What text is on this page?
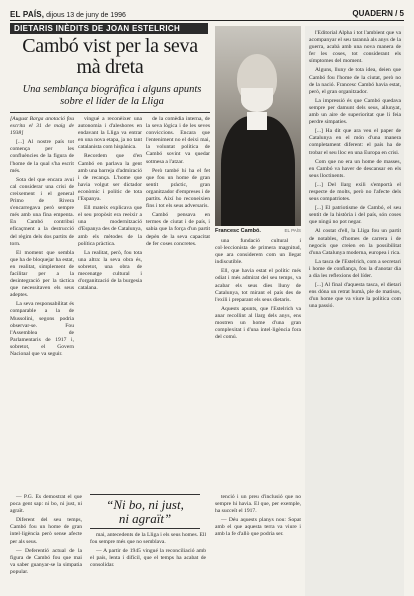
EL PAÍS, dijous 13 de juny de 1996	QUADERN / 5
DIETARIS INÈDITS DE JOAN ESTELRICH
Cambó vist per la seva mà dreta
Una semblança biogràfica i alguns apunts sobre el líder de la Lliga
Francesc Cambó.	EL PAÍS

[August Barga anotació fou escrita el 31 de maig de 1938]

[...] Al nostre país tot comença per les confluències de la figura de l'home de la qual s'ha escrit més.

Sota del que encara avui cal considerar una crisi de creixement i el general Primo de Rivera s'encarregava però sempre més amb una fina empenta. En Cambó contribuí eficaçment a la destrucció del règim dels dos partits de torn.

El moment que sembla que ha de bloquejar ha estat, en realitat, simplement de facilitar per a la desintegració per la tàctica que necessitaven els seus adeptes.

La seva responsabilitat és comparable a la de Mussolini, segons podria observar-se. Fou l'Assemblea de Parlamentaris de 1917 i, sobretot, el Govern Nacional que va seguir.

vingué a reconèixer una autonomia i d'aleshores en endavant la Lliga va entrar en una nova etapa, ja no tant catalanista com hispànica.

Recordem que d'en Cambó en parlava la gent amb una barreja d'admiració i de recança. L'home que havia volgut ser dictador econòmic i polític de tota l'Espanya.

Ell mateix explicava que el seu propòsit era reeixir a una modernització d'Espanya des de Catalunya, amb els mètodes de la política pràctica.

La realitat, però, fou tota una altra: la seva obra és, sobretot, una obra de mecenatge cultural i d'organització de la burgesia catalana.

de la comèdia interna, de la seva lògica i de les seves conviccions. Encara que l'enteniment no el deixi mai, la voluntat política de Cambó sovint va quedar sotmesa a l'atzar.

Però també hi ha el fet que fou un home de gran sentit pràctic, gran organitzador d'empreses i de partits. Així ho reconeixien fins i tot els seus adversaris.

Cambó pensava en termes de ciutat i de país, i sabia que la força d'un partit depèn de la seva capacitat de fer coses concretes.	una fundació cultural i col·leccionista de primera magnitud, que ara considerem com un llegat indiscutible.

Ell, que havia estat el polític més odiat i més admirat del seu temps, va acabar els seus dies lluny de Catalunya, tot mirant el país des de l'exili i preparant els seus dietaris.

Aquests apunts, que l'Estelrich va anar recollint al llarg dels anys, ens mostren un home d'una gran complexitat i d'una intel·ligència fora del comú.

l'Editorial Alpha i tot l'ambient que va acompanyar el seu tarannà als anys de la guerra, acabà amb una nova manera de fer les coses, tot considerant els símptomes del moment.

Alguns, lluny de tota idea, deien que Cambó fou l'home de la ciutat, però no de la nació. Francesc Cambó havia estat, però, el gran organitzador.

La impressió és que Cambó quedava sempre per damunt dels seus, allunyat, amb un aire de superioritat que li feia perdre simpaties.

[...] Ha dit que ara veu el paper de Catalunya en el món d'una manera completament diferent: el país ha de trobar el seu lloc en una Europa en crisi.

Com que no era un home de masses, en Cambó va haver de descansar en els seus lloctinents.

[...] Del llarg exili s'emportà el respecte de molts, però no l'afecte dels seus compatriotes.

[...] El patriotisme de Cambó, el seu sentit de la història i del país, són coses que ningú no pot negar.

Al costat d'ell, la Lliga fou un partit de notables, d'homes de carrera i de negocis que creien en la possibilitat d'una Catalunya moderna, europea i rica.

La tasca de l'Estelrich, com a secretari i home de confiança, fou la d'anotar dia a dia les reflexions del líder.

[...] Al final d'aquesta tasca, el dietari ens dóna un retrat humà, ple de matisos, d'un home que va viure la política com una passió.

“Ni bo, ni just,
ni agraït”

— P.G. És demostrat el que poca gent sap: ni bo, ni just, ni agraït.

Diferent del seu temps, Cambó fou un home de gran intel·ligència però sense afecte per als seus.

— Deferentió actual de la figura de Cambó fou que mai va saber guanyar-se la simpatia popular.

mai, antecedents de la Lliga i els seus homes. Ell fou sempre més que no semblava.

— A partir de 1945 vingué la reconciliació amb el país, lenta i difícil, que el temps ha acabat de consolidar.

tenció i un preu d'inclusió que no sempre hi havia. El que, per exemple, ha succeït el 1917.

— Déu aquests planys nou: Sopat amb el que aquesta terra va viure i amb la fe d'allò que podria ser.
